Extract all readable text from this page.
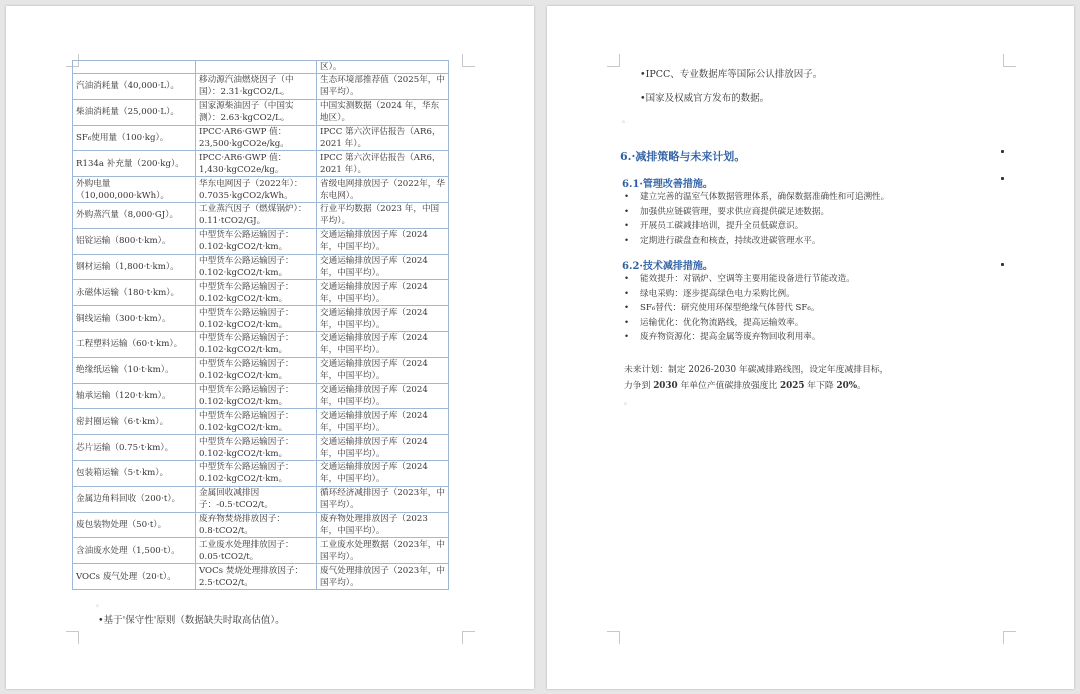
		区）。
汽油消耗量（40,000·L）。	移动源汽油燃烧因子（中国）：2.31·kgCO2/L。	生态环境部推荐值（2025年，中国平均）。
柴油消耗量（25,000·L）。	国家源柴油因子（中国实测）：2.63·kgCO2/L。	中国实测数据（2024 年，华东地区）。
SF₆使用量（100·kg）。	IPCC·AR6·GWP 值：23,500·kgCO2e/kg。	IPCC 第六次评估报告（AR6，2021 年）。
R134a 补充量（200·kg）。	IPCC·AR6·GWP 值：1,430·kgCO2e/kg。	IPCC 第六次评估报告（AR6，2021 年）。
外购电量（10,000,000·kWh）。	华东电网因子（2022年）：0.7035·kgCO2/kWh。	省级电网排放因子（2022年，华东电网）。
外购蒸汽量（8,000·GJ）。	工业蒸汽因子（燃煤锅炉）：0.11·tCO2/GJ。	行业平均数据（2023 年，中国平均）。
铝锭运输（800·t·km）。	中型货车公路运输因子：0.102·kgCO2/t·km。	交通运输排放因子库（2024 年，中国平均）。
钢材运输（1,800·t·km）。	中型货车公路运输因子：0.102·kgCO2/t·km。	交通运输排放因子库（2024 年，中国平均）。
永磁体运输（180·t·km）。	中型货车公路运输因子：0.102·kgCO2/t·km。	交通运输排放因子库（2024 年，中国平均）。
铜线运输（300·t·km）。	中型货车公路运输因子：0.102·kgCO2/t·km。	交通运输排放因子库（2024 年，中国平均）。
工程塑料运输（60·t·km）。	中型货车公路运输因子：0.102·kgCO2/t·km。	交通运输排放因子库（2024 年，中国平均）。
绝缘纸运输（10·t·km）。	中型货车公路运输因子：0.102·kgCO2/t·km。	交通运输排放因子库（2024 年，中国平均）。
轴承运输（120·t·km）。	中型货车公路运输因子：0.102·kgCO2/t·km。	交通运输排放因子库（2024 年，中国平均）。
密封圈运输（6·t·km）。	中型货车公路运输因子：0.102·kgCO2/t·km。	交通运输排放因子库（2024 年，中国平均）。
芯片运输（0.75·t·km）。	中型货车公路运输因子：0.102·kgCO2/t·km。	交通运输排放因子库（2024 年，中国平均）。
包装箱运输（5·t·km）。	中型货车公路运输因子：0.102·kgCO2/t·km。	交通运输排放因子库（2024 年，中国平均）。
金属边角料回收（200·t）。	金属回收减排因子：-0.5·tCO2/t。	循环经济减排因子（2023年，中国平均）。
废包装物处理（50·t）。	废弃物焚烧排放因子：0.8·tCO2/t。	废弃物处理排放因子（2023 年，中国平均）。
含油废水处理（1,500·t）。	工业废水处理排放因子：0.05·tCO2/t。	工业废水处理数据（2023年，中国平均）。
VOCs 废气处理（20·t）。	VOCs 焚烧处理排放因子：2.5·tCO2/t。	废气处理排放因子（2023年，中国平均）。
。
•基于'保守性'原则（数据缺失时取高估值）。
•IPCC、专业数据库等国际公认排放因子。
•国家及权威官方发布的数据。
。
6.·减排策略与未来计划。
6.1·管理改善措施。
• 建立完善的温室气体数据管理体系，确保数据准确性和可追溯性。
• 加强供应链碳管理，要求供应商提供碳足迹数据。
• 开展员工碳减排培训，提升全员低碳意识。
• 定期进行碳盘查和核查，持续改进碳管理水平。
6.2·技术减排措施。
• 能效提升：对锅炉、空调等主要用能设备进行节能改造。
• 绿电采购：逐步提高绿色电力采购比例。
• SF₆替代：研究使用环保型绝缘气体替代 SF₆。
• 运输优化：优化物流路线，提高运输效率。
• 废弃物资源化：提高金属等废弃物回收利用率。
未来计划：制定 2026-2030 年碳减排路线图，设定年度减排目标，
力争到 2030 年单位产值碳排放强度比 2025 年下降 20%。
。
